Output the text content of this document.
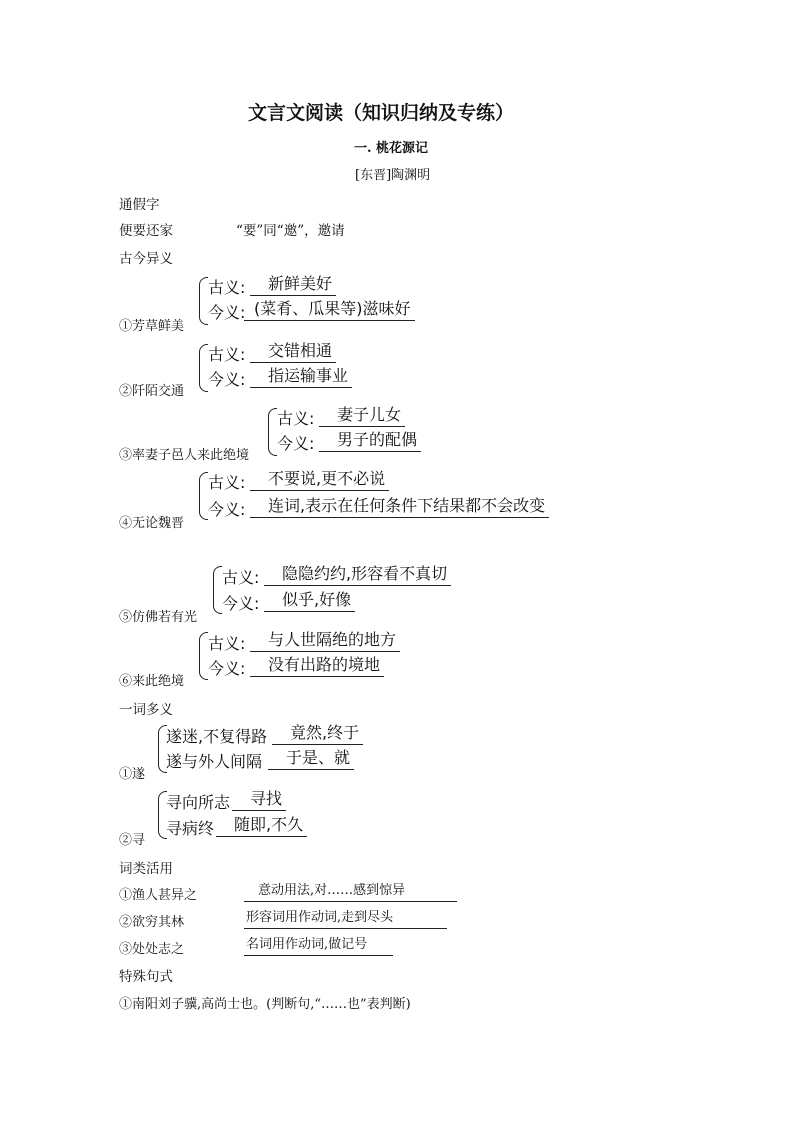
文言文阅读（知识归纳及专练）
一. 桃花源记
[东晋]陶渊明
通假字
便要还家	“要”同“邀”，邀请
古今异义
古义:	新鲜美好
今义: (菜肴、瓜果等)滋味好
①芳草鲜美
古义:	交错相通
今义:	指运输事业
②阡陌交通
古义:	妻子儿女
今义:	男子的配偶
③率妻子邑人来此绝境
古义:	不要说,更不必说
今义:	连词,表示在任何条件下结果都不会改变
④无论魏晋
古义:	隐隐约约,形容看不真切
今义:	似乎,好像
⑤仿佛若有光
古义:	与人世隔绝的地方
今义:	没有出路的境地
⑥来此绝境
一词多义
遂迷,不复得路	竟然,终于
遂与外人间隔	于是、就
①遂
寻向所志	寻找
寻病终	随即,不久
②寻
词类活用
①渔人甚异之	意动用法,对……感到惊异
②欲穷其林	形容词用作动词,走到尽头
③处处志之	名词用作动词,做记号
特殊句式
①南阳刘子骥,高尚士也。(判断句,“……也”表判断)
